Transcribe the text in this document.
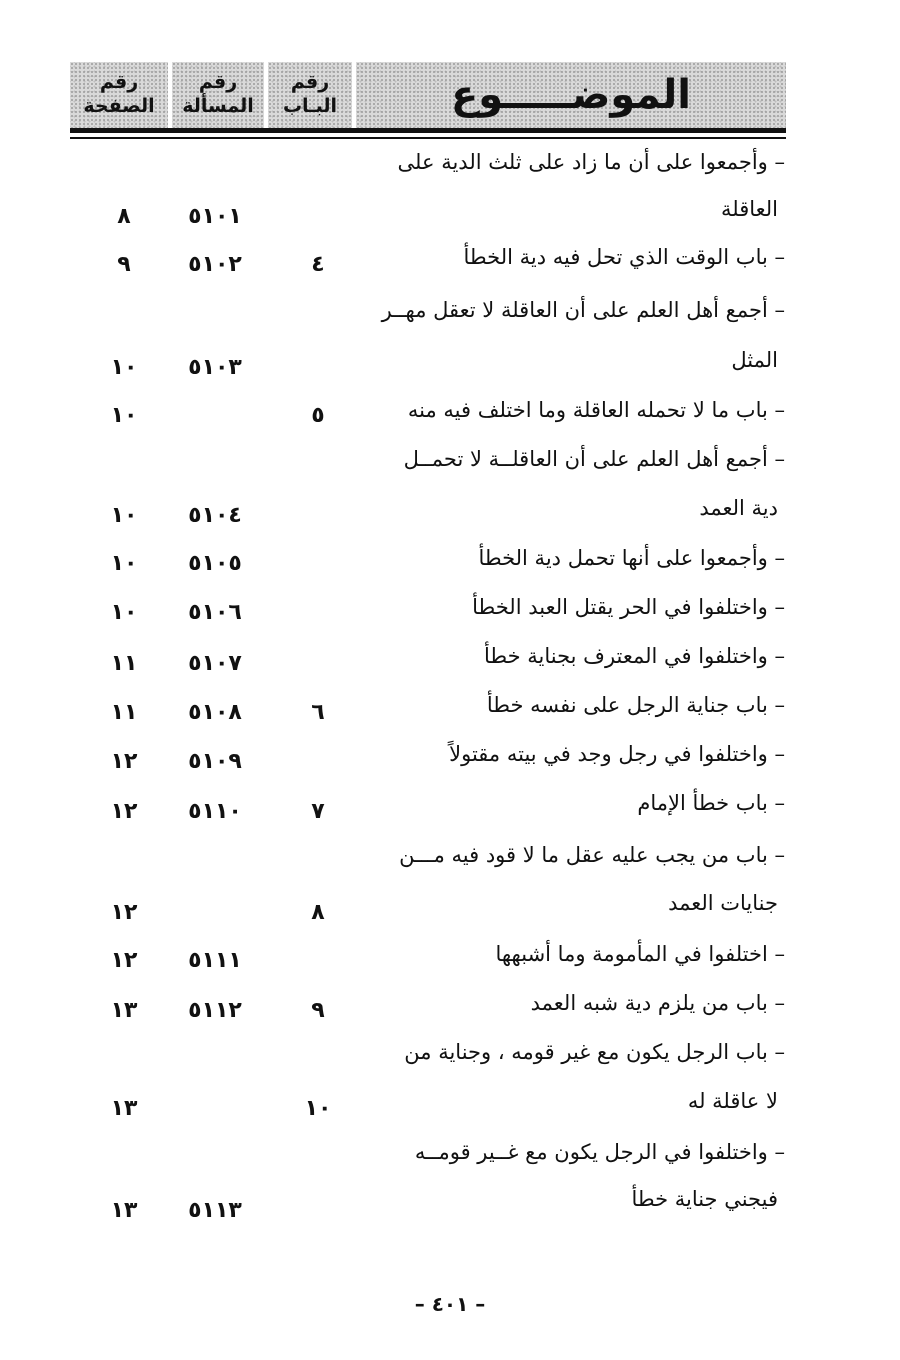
رقم
الصفحة
رقم
المسألة
رقم
البـاب	الموضـــــوع
– وأجمعوا على أن ما زاد على ثلث الدية على
العاقلة
٥١٠١
٨
– باب الوقت الذي تحل فيه دية الخطأ
٤
٥١٠٢
٩
– أجمع أهل العلم على أن العاقلة لا تعقل مهــر
المثل
٥١٠٣
١٠
– باب ما لا تحمله العاقلة وما اختلف فيه منه
٥
١٠
– أجمع أهل العلم على أن العاقلــة لا تحمــل
دية العمد
٥١٠٤
١٠
– وأجمعوا على أنها تحمل دية الخطأ
٥١٠٥
١٠
– واختلفوا في الحر يقتل العبد الخطأ
٥١٠٦
١٠
– واختلفوا في المعترف بجناية خطأ
٥١٠٧
١١
– باب جناية الرجل على نفسه خطأ
٦
٥١٠٨
١١
– واختلفوا في رجل وجد في بيته مقتولاً
٥١٠٩
١٢
– باب خطأ الإمام
٧
٥١١٠
١٢
– باب من يجب عليه عقل ما لا قود فيه مـــن
جنايات العمد
٨
١٢
– اختلفوا في المأمومة وما أشبهها
٥١١١
١٢
– باب من يلزم دية شبه العمد
٩
٥١١٢
١٣
– باب الرجل يكون مع غير قومه ، وجناية من
لا عاقلة له
١٠
١٣
– واختلفوا في الرجل يكون مع غــير قومــه
فيجني جناية خطأ
٥١١٣
١٣
– ٤٠١ –
